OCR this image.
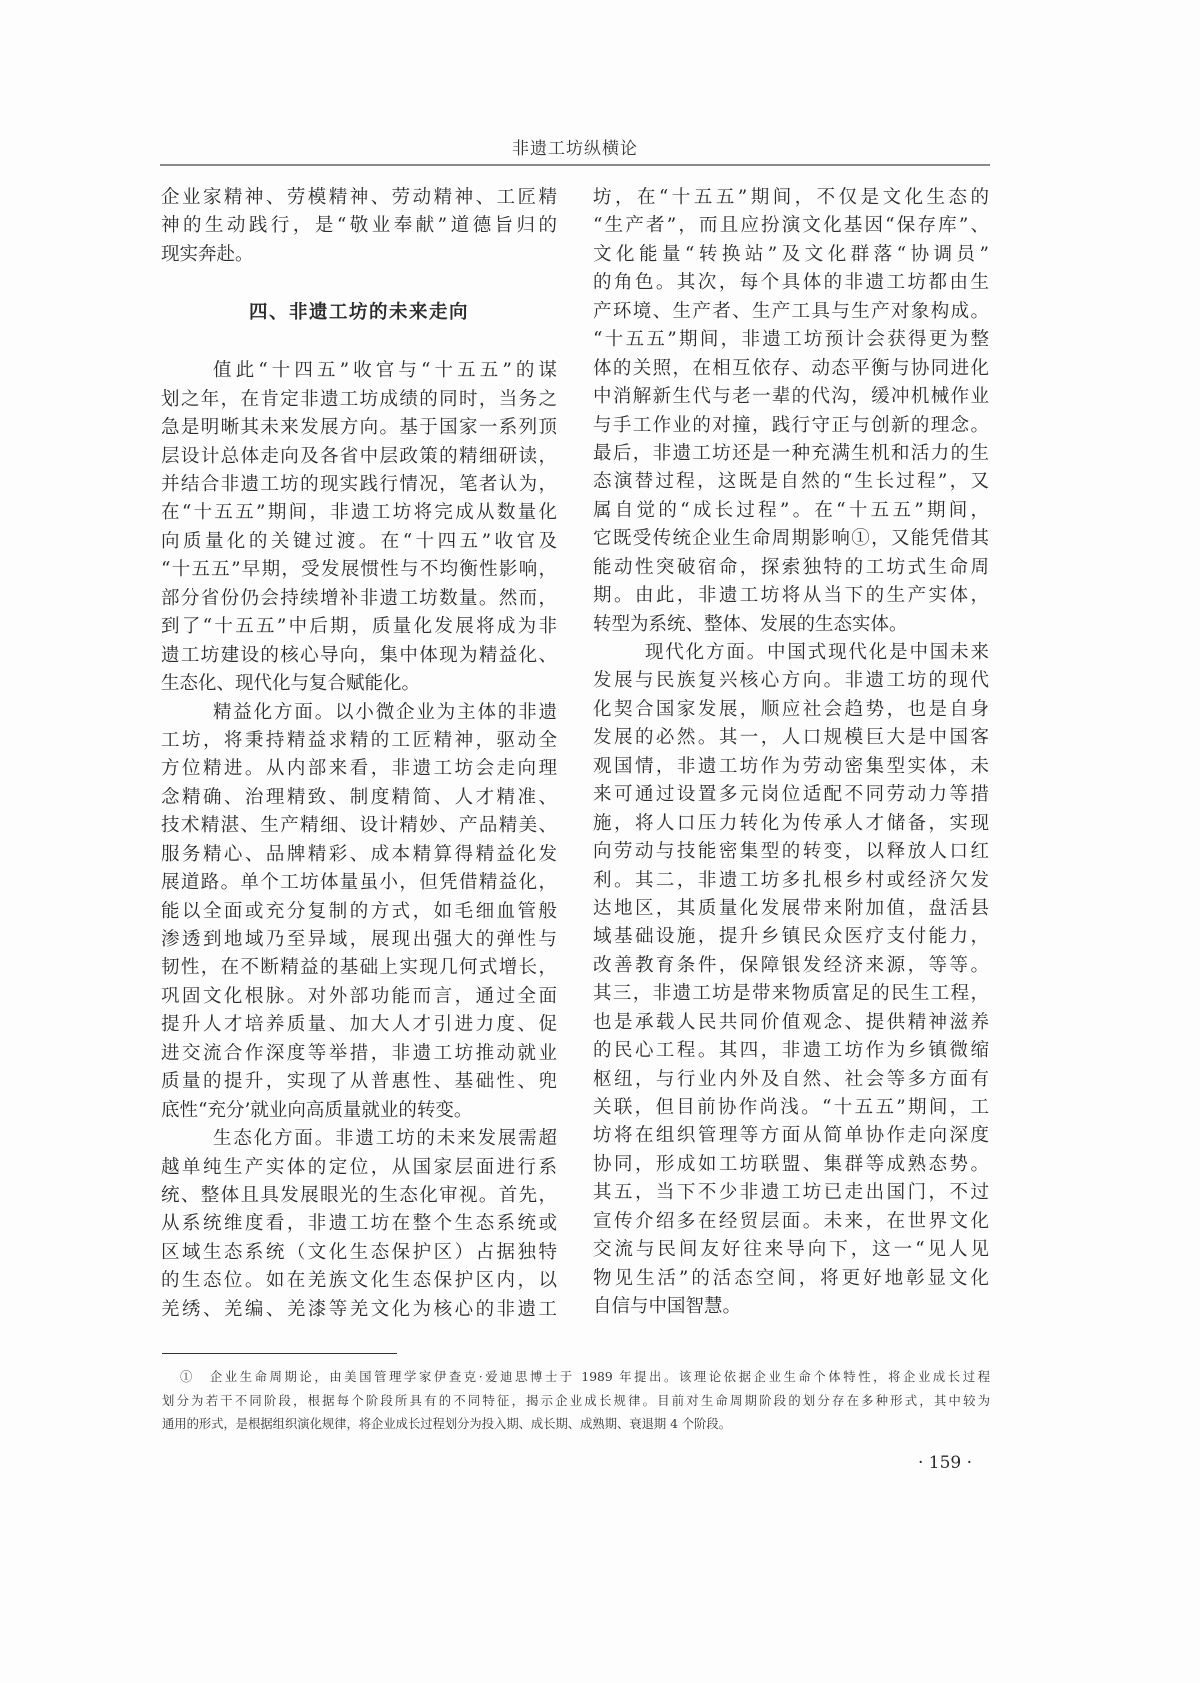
非遗工坊纵横论
企业家精神、劳模精神、劳动精神、工匠精
神的生动践行，是“敬业奉献”道德旨归的
现实奔赴。
四、非遗工坊的未来走向
值此“十四五”收官与“十五五”的谋
划之年，在肯定非遗工坊成绩的同时，当务之
急是明晰其未来发展方向。基于国家一系列顶
层设计总体走向及各省中层政策的精细研读，
并结合非遗工坊的现实践行情况，笔者认为，
在“十五五”期间，非遗工坊将完成从数量化
向质量化的关键过渡。在“十四五”收官及
“十五五”早期，受发展惯性与不均衡性影响，
部分省份仍会持续增补非遗工坊数量。然而，
到了“十五五”中后期，质量化发展将成为非
遗工坊建设的核心导向，集中体现为精益化、
生态化、现代化与复合赋能化。
精益化方面。以小微企业为主体的非遗
工坊，将秉持精益求精的工匠精神，驱动全
方位精进。从内部来看，非遗工坊会走向理
念精确、治理精致、制度精简、人才精准、
技术精湛、生产精细、设计精妙、产品精美、
服务精心、品牌精彩、成本精算得精益化发
展道路。单个工坊体量虽小，但凭借精益化，
能以全面或充分复制的方式，如毛细血管般
渗透到地域乃至异域，展现出强大的弹性与
韧性，在不断精益的基础上实现几何式增长，
巩固文化根脉。对外部功能而言，通过全面
提升人才培养质量、加大人才引进力度、促
进交流合作深度等举措，非遗工坊推动就业
质量的提升，实现了从普惠性、基础性、兜
底性“充分’就业向高质量就业的转变。
生态化方面。非遗工坊的未来发展需超
越单纯生产实体的定位，从国家层面进行系
统、整体且具发展眼光的生态化审视。首先，
从系统维度看，非遗工坊在整个生态系统或
区域生态系统（文化生态保护区）占据独特
的生态位。如在羌族文化生态保护区内，以
羌绣、羌编、羌漆等羌文化为核心的非遗工
坊，在“十五五”期间，不仅是文化生态的
“生产者”，而且应扮演文化基因“保存库”、
文化能量“转换站”及文化群落“协调员”
的角色。其次，每个具体的非遗工坊都由生
产环境、生产者、生产工具与生产对象构成。
“十五五”期间，非遗工坊预计会获得更为整
体的关照，在相互依存、动态平衡与协同进化
中消解新生代与老一辈的代沟，缓冲机械作业
与手工作业的对撞，践行守正与创新的理念。
最后，非遗工坊还是一种充满生机和活力的生
态演替过程，这既是自然的“生长过程”，又
属自觉的“成长过程”。在“十五五”期间，
它既受传统企业生命周期影响①，又能凭借其
能动性突破宿命，探索独特的工坊式生命周
期。由此，非遗工坊将从当下的生产实体，
转型为系统、整体、发展的生态实体。
现代化方面。中国式现代化是中国未来
发展与民族复兴核心方向。非遗工坊的现代
化契合国家发展，顺应社会趋势，也是自身
发展的必然。其一，人口规模巨大是中国客
观国情，非遗工坊作为劳动密集型实体，未
来可通过设置多元岗位适配不同劳动力等措
施，将人口压力转化为传承人才储备，实现
向劳动与技能密集型的转变，以释放人口红
利。其二，非遗工坊多扎根乡村或经济欠发
达地区，其质量化发展带来附加值，盘活县
域基础设施，提升乡镇民众医疗支付能力，
改善教育条件，保障银发经济来源，等等。
其三，非遗工坊是带来物质富足的民生工程，
也是承载人民共同价值观念、提供精神滋养
的民心工程。其四，非遗工坊作为乡镇微缩
枢纽，与行业内外及自然、社会等多方面有
关联，但目前协作尚浅。“十五五”期间，工
坊将在组织管理等方面从简单协作走向深度
协同，形成如工坊联盟、集群等成熟态势。
其五，当下不少非遗工坊已走出国门，不过
宣传介绍多在经贸层面。未来，在世界文化
交流与民间友好往来导向下，这一“见人见
物见生活”的活态空间，将更好地彰显文化
自信与中国智慧。
①　企业生命周期论，由美国管理学家伊查克·爱迪思博士于 1989 年提出。该理论依据企业生命个体特性，将企业成长过程
划分为若干不同阶段，根据每个阶段所具有的不同特征，揭示企业成长规律。目前对生命周期阶段的划分存在多种形式，其中较为
通用的形式，是根据组织演化规律，将企业成长过程划分为投入期、成长期、成熟期、衰退期 4 个阶段。
· 159 ·
